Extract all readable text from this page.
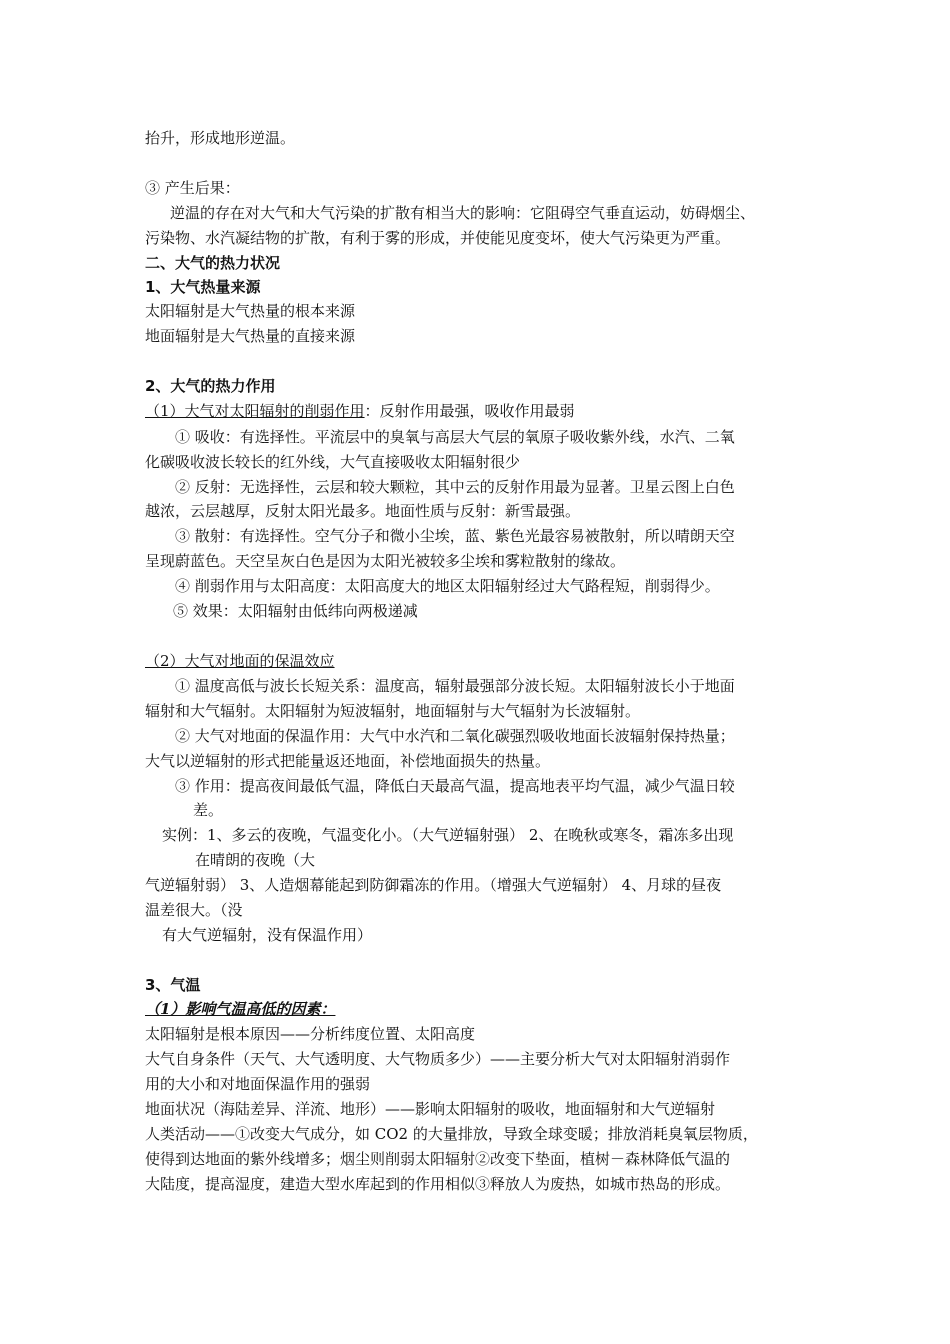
抬升，形成地形逆温。
③ 产生后果：
逆温的存在对大气和大气污染的扩散有相当大的影响：它阻碍空气垂直运动，妨碍烟尘、
污染物、水汽凝结物的扩散，有利于雾的形成，并使能见度变坏，使大气污染更为严重。
二、大气的热力状况
1、大气热量来源
太阳辐射是大气热量的根本来源
地面辐射是大气热量的直接来源
2、大气的热力作用
（1）大气对太阳辐射的削弱作用：反射作用最强，吸收作用最弱
① 吸收：有选择性。平流层中的臭氧与高层大气层的氧原子吸收紫外线，水汽、二氧
化碳吸收波长较长的红外线，大气直接吸收太阳辐射很少
② 反射：无选择性，云层和较大颗粒，其中云的反射作用最为显著。卫星云图上白色
越浓，云层越厚，反射太阳光最多。地面性质与反射：新雪最强。
③ 散射：有选择性。空气分子和微小尘埃，蓝、紫色光最容易被散射，所以晴朗天空
呈现蔚蓝色。天空呈灰白色是因为太阳光被较多尘埃和雾粒散射的缘故。
④ 削弱作用与太阳高度：太阳高度大的地区太阳辐射经过大气路程短，削弱得少。
⑤ 效果：太阳辐射由低纬向两极递减
（2）大气对地面的保温效应
① 温度高低与波长长短关系：温度高，辐射最强部分波长短。太阳辐射波长小于地面
辐射和大气辐射。太阳辐射为短波辐射，地面辐射与大气辐射为长波辐射。
② 大气对地面的保温作用：大气中水汽和二氧化碳强烈吸收地面长波辐射保持热量；
大气以逆辐射的形式把能量返还地面，补偿地面损失的热量。
③ 作用：提高夜间最低气温，降低白天最高气温，提高地表平均气温，减少气温日较
差。
实例：1、多云的夜晚，气温变化小。（大气逆辐射强） 2、在晚秋或寒冬，霜冻多出现
在晴朗的夜晚（大
气逆辐射弱） 3、人造烟幕能起到防御霜冻的作用。（增强大气逆辐射） 4、月球的昼夜
温差很大。（没
有大气逆辐射，没有保温作用）
3、气温
（1）影响气温高低的因素：
太阳辐射是根本原因——分析纬度位置、太阳高度
大气自身条件（天气、大气透明度、大气物质多少）——主要分析大气对太阳辐射消弱作
用的大小和对地面保温作用的强弱
地面状况（海陆差异、洋流、地形）——影响太阳辐射的吸收，地面辐射和大气逆辐射
人类活动——①改变大气成分，如 CO2 的大量排放，导致全球变暖；排放消耗臭氧层物质，
使得到达地面的紫外线增多；烟尘则削弱太阳辐射②改变下垫面，植树－森林降低气温的
大陆度，提高湿度，建造大型水库起到的作用相似③释放人为废热，如城市热岛的形成。
